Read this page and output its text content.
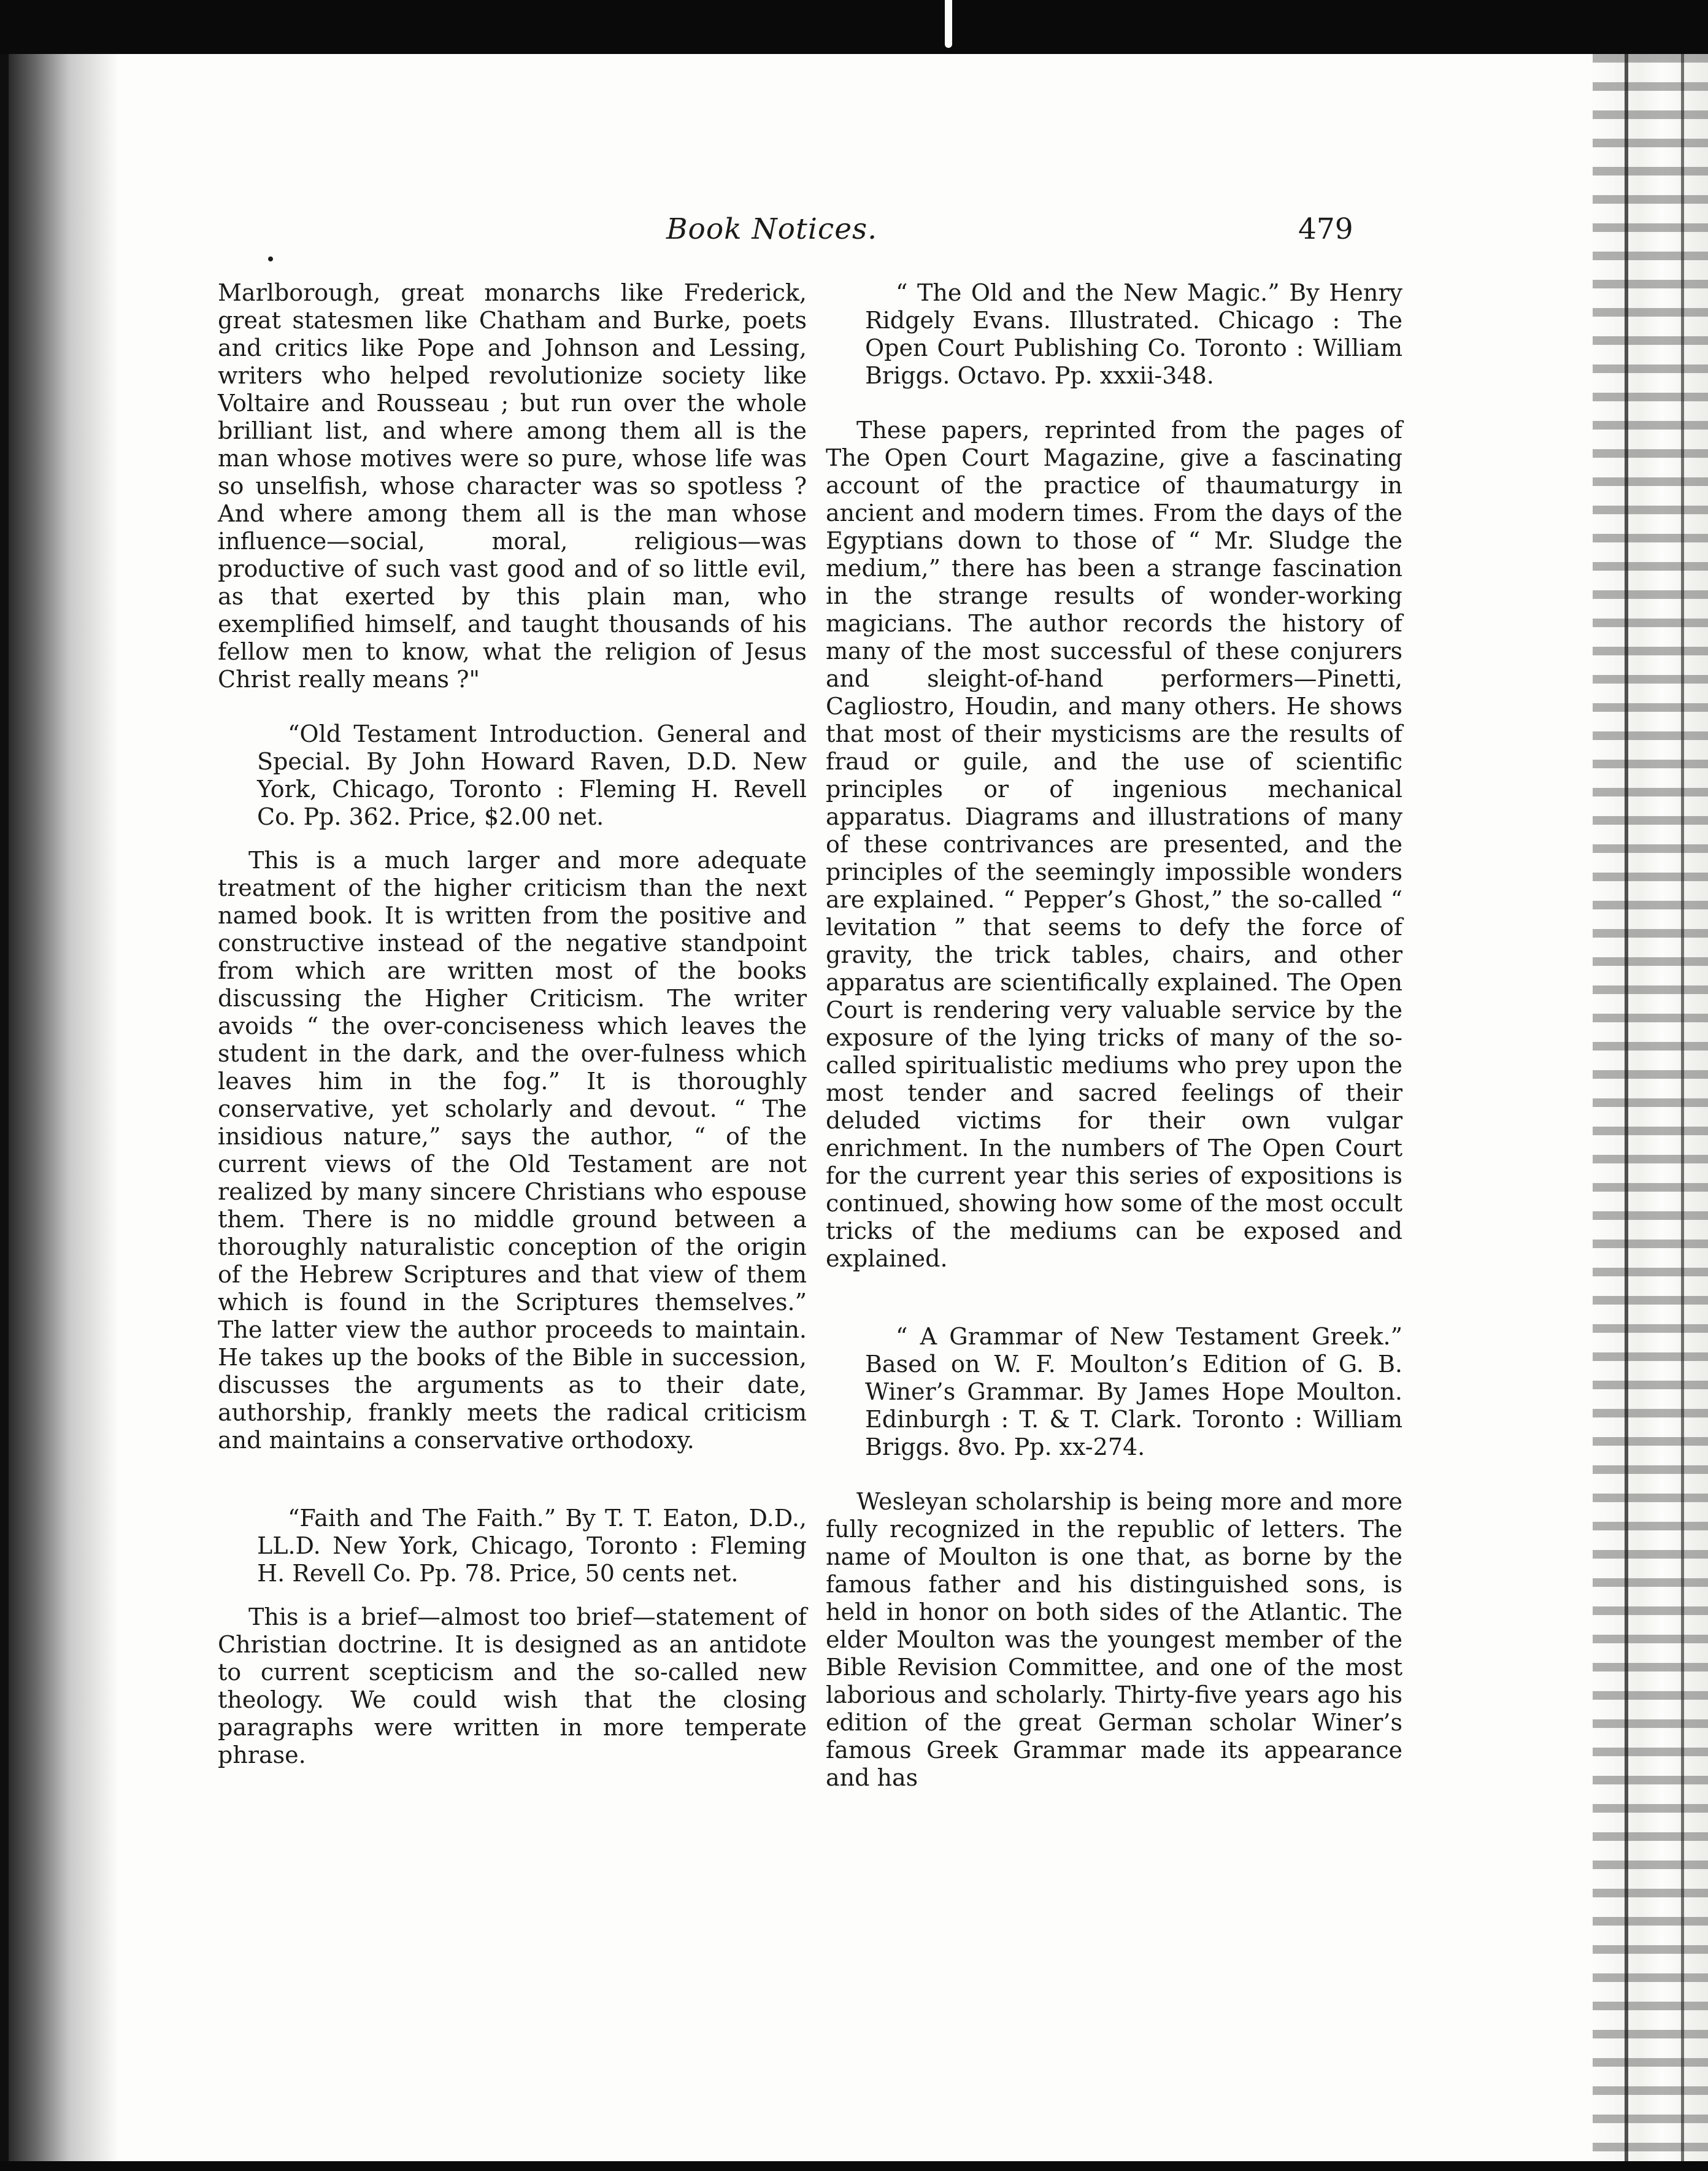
Book Notices.	479

Marlborough, great monarchs like Frederick, great statesmen like Chatham and Burke, poets and critics like Pope and Johnson and Lessing, writers who helped revolutionize society like Voltaire and Rousseau ; but run over the whole brilliant list, and where among them all is the man whose motives were so pure, whose life was so unselfish, whose character was so spotless ? And where among them all is the man whose influence—social, moral, religious—was productive of such vast good and of so little evil, as that exerted by this plain man, who exemplified himself, and taught thousands of his fellow men to know, what the religion of Jesus Christ really means ?"

“Old Testament Introduction. General and Special. By John Howard Raven, D.D. New York, Chicago, Toronto : Fleming H. Revell Co. Pp. 362. Price, $2.00 net.

This is a much larger and more adequate treatment of the higher criticism than the next named book. It is written from the positive and constructive instead of the negative standpoint from which are written most of the books discussing the Higher Criticism. The writer avoids “ the over-conciseness which leaves the student in the dark, and the over-fulness which leaves him in the fog.” It is thoroughly conservative, yet scholarly and devout. “ The insidious nature,” says the author, “ of the current views of the Old Testament are not realized by many sincere Christians who espouse them. There is no middle ground between a thoroughly naturalistic conception of the origin of the Hebrew Scriptures and that view of them which is found in the Scriptures themselves.” The latter view the author proceeds to maintain. He takes up the books of the Bible in succession, discusses the arguments as to their date, authorship, frankly meets the radical criticism and maintains a conservative orthodoxy.

“Faith and The Faith.” By T. T. Eaton, D.D., LL.D. New York, Chicago, Toronto : Fleming H. Revell Co. Pp. 78. Price, 50 cents net.

This is a brief—almost too brief—statement of Christian doctrine. It is designed as an antidote to current scepticism and the so-called new theology. We could wish that the closing paragraphs were written in more temperate phrase.

“ The Old and the New Magic.” By Henry Ridgely Evans. Illustrated. Chicago : The Open Court Publishing Co. Toronto : William Briggs. Octavo. Pp. xxxii-348.

These papers, reprinted from the pages of The Open Court Magazine, give a fascinating account of the practice of thaumaturgy in ancient and modern times. From the days of the Egyptians down to those of “ Mr. Sludge the medium,” there has been a strange fascination in the strange results of wonder-working magicians. The author records the history of many of the most successful of these conjurers and sleight-of-hand performers—Pinetti, Cagliostro, Houdin, and many others. He shows that most of their mysticisms are the results of fraud or guile, and the use of scientific principles or of ingenious mechanical apparatus. Diagrams and illustrations of many of these contrivances are presented, and the principles of the seemingly impossible wonders are explained. “ Pepper’s Ghost,” the so-called “ levitation ” that seems to defy the force of gravity, the trick tables, chairs, and other apparatus are scientifically explained. The Open Court is rendering very valuable service by the exposure of the lying tricks of many of the so-called spiritualistic mediums who prey upon the most tender and sacred feelings of their deluded victims for their own vulgar enrichment. In the numbers of The Open Court for the current year this series of expositions is continued, showing how some of the most occult tricks of the mediums can be exposed and explained.

“ A Grammar of New Testament Greek.” Based on W. F. Moulton’s Edition of G. B. Winer’s Grammar. By James Hope Moulton. Edinburgh : T. & T. Clark. Toronto : William Briggs. 8vo. Pp. xx-274.

Wesleyan scholarship is being more and more fully recognized in the republic of letters. The name of Moulton is one that, as borne by the famous father and his distinguished sons, is held in honor on both sides of the Atlantic. The elder Moulton was the youngest member of the Bible Revision Committee, and one of the most laborious and scholarly. Thirty-five years ago his edition of the great German scholar Winer’s famous Greek Grammar made its appearance and has
